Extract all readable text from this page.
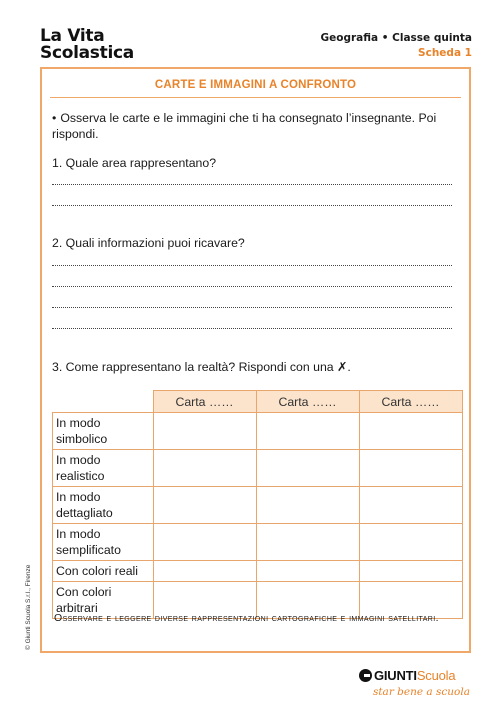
La Vita
Scolastica
Geografia • Classe quinta
Scheda 1
CARTE E IMMAGINI A CONFRONTO
• Osserva le carte e le immagini che ti ha consegnato l’insegnante. Poi rispondi.
1. Quale area rappresentano?
2. Quali informazioni puoi ricavare?
3. Come rappresentano la realtà? Rispondi con una ✗.
	Carta ……	Carta ……	Carta ……
In modo simbolico			
In modo realistico			
In modo dettagliato			
In modo semplificato			
Con colori reali			
Con colori arbitrari			
Osservare e leggere diverse rappresentazioni cartografiche e immagini satellitari.
© Giunti Scuola S.r.l., Firenze
GIUNTIScuola
star bene a scuola
